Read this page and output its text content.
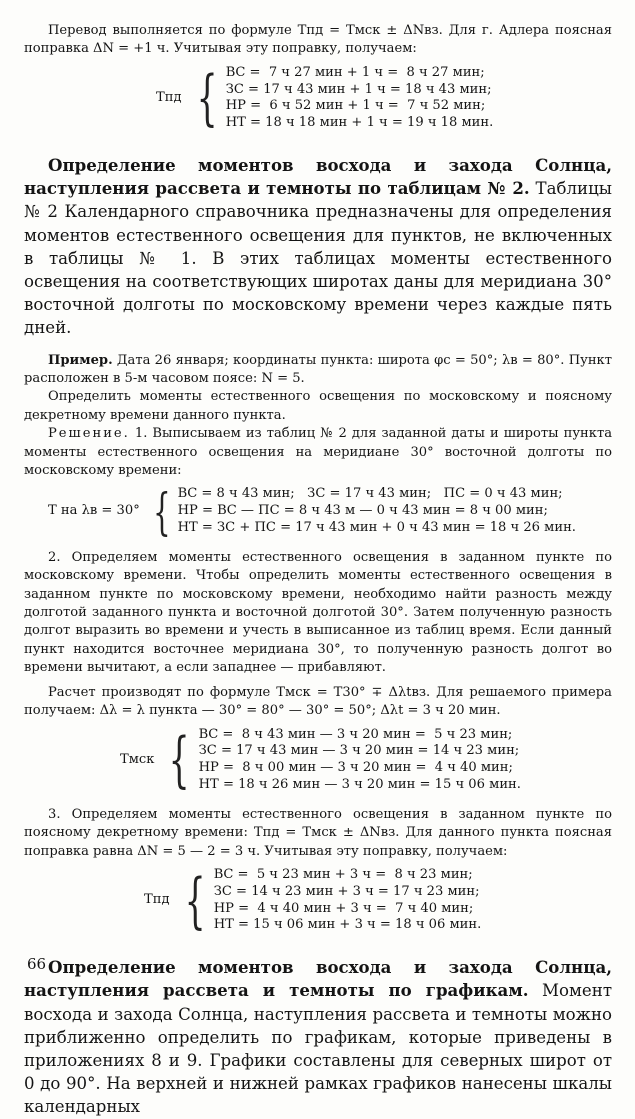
Перевод выполняется по формуле Tпд = Tмск ± ΔNвз. Для г. Адлера поясная поправка ΔN = +1 ч. Учитывая эту поправку, получаем:

Tпд	{	ВС =  7 ч 27 мин + 1 ч =  8 ч 27 мин;
ЗС = 17 ч 43 мин + 1 ч = 18 ч 43 мин;
НР =  6 ч 52 мин + 1 ч =  7 ч 52 мин;
НТ = 18 ч 18 мин + 1 ч = 19 ч 18 мин.

Определение моментов восхода и захода Солнца, наступления рассвета и темноты по таблицам № 2. Таблицы № 2 Календарного справочника предназначены для определения моментов естественного освещения для пунктов, не включенных в таблицы № 1. В этих таблицах моменты естественного освещения на соответствующих широтах даны для меридиана 30° восточной долготы по московскому времени через каждые пять дней.

Пример. Дата 26 января; координаты пункта: широта φс = 50°; λв = 80°. Пункт расположен в 5-м часовом поясе: N = 5.

Определить моменты естественного освещения по московскому и поясному декретному времени данного пункта.

Решение. 1. Выписываем из таблиц № 2 для заданной даты и широты пункта моменты естественного освещения на меридиане 30° восточной долготы по московскому времени:

T на λв = 30°	{	ВС = 8 ч 43 мин;   ЗС = 17 ч 43 мин;   ПС = 0 ч 43 мин;
НР = ВС — ПС = 8 ч 43 м — 0 ч 43 мин = 8 ч 00 мин;
НТ = ЗС + ПС = 17 ч 43 мин + 0 ч 43 мин = 18 ч 26 мин.

2. Определяем моменты естественного освещения в заданном пункте по московскому времени. Чтобы определить моменты естественного освещения в заданном пункте по московскому времени, необходимо найти разность между долготой заданного пункта и восточной долготой 30°. Затем полученную разность долгот выразить во времени и учесть в выписанное из таблиц время. Если данный пункт находится восточнее меридиана 30°, то полученную разность долгот во времени вычитают, а если западнее — прибавляют.

Расчет производят по формуле Tмск = T30° ∓ Δλtвз. Для решаемого примера получаем: Δλ = λ пункта — 30° = 80° — 30° = 50°; Δλt = 3 ч 20 мин.

Tмск	{	ВС =  8 ч 43 мин — 3 ч 20 мин =  5 ч 23 мин;
ЗС = 17 ч 43 мин — 3 ч 20 мин = 14 ч 23 мин;
НР =  8 ч 00 мин — 3 ч 20 мин =  4 ч 40 мин;
НТ = 18 ч 26 мин — 3 ч 20 мин = 15 ч 06 мин.

3. Определяем моменты естественного освещения в заданном пункте по поясному декретному времени: Tпд = Tмск ± ΔNвз. Для данного пункта поясная поправка равна ΔN = 5 — 2 = 3 ч. Учитывая эту поправку, получаем:

Tпд	{	ВС =  5 ч 23 мин + 3 ч =  8 ч 23 мин;
ЗС = 14 ч 23 мин + 3 ч = 17 ч 23 мин;
НР =  4 ч 40 мин + 3 ч =  7 ч 40 мин;
НТ = 15 ч 06 мин + 3 ч = 18 ч 06 мин.

Определение моментов восхода и захода Солнца, наступления рассвета и темноты по графикам. Момент восхода и захода Солнца, наступления рассвета и темноты можно приближенно определить по графикам, которые приведены в приложениях 8 и 9. Графики составлены для северных широт от 0 до 90°. На верхней и нижней рамках графиков нанесены шкалы календарных

66
